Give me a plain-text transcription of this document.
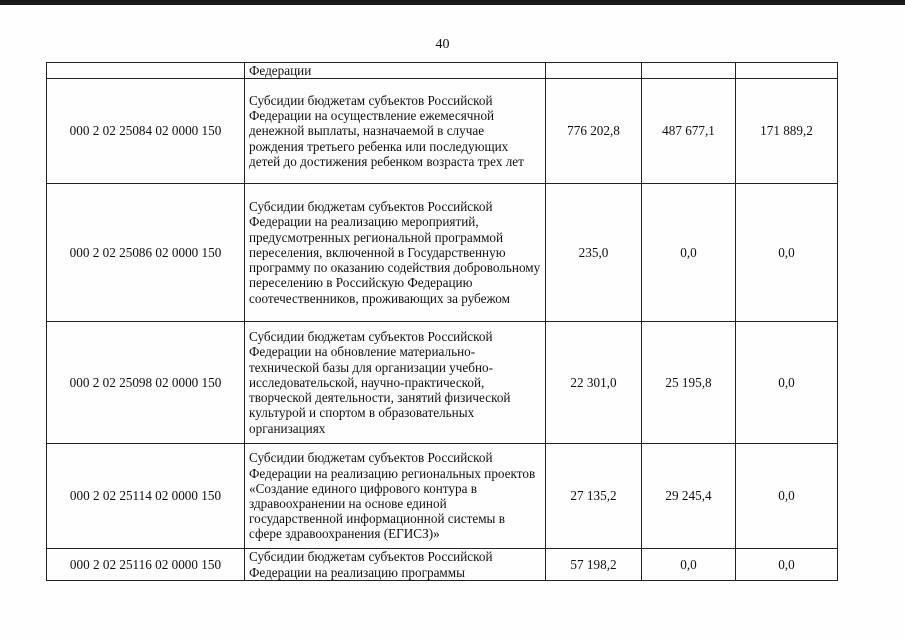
40
	Федерации			
000 2 02 25084 02 0000 150	Субсидии бюджетам субъектов Российской Федерации на осуществление ежемесячной денежной выплаты, назначаемой в случае рождения третьего ребенка или последующих детей до достижения ребенком возраста трех лет	776 202,8	487 677,1	171 889,2
000 2 02 25086 02 0000 150	Субсидии бюджетам субъектов Российской Федерации на реализацию мероприятий, предусмотренных региональной программой переселения, включенной в Государственную программу по оказанию содействия добровольному переселению в Российскую Федерацию соотечественников, проживающих за рубежом	235,0	0,0	0,0
000 2 02 25098 02 0000 150	Субсидии бюджетам субъектов Российской Федерации на обновление материально-технической базы для организации учебно-исследовательской, научно-практической, творческой деятельности, занятий физической культурой и спортом в образовательных организациях	22 301,0	25 195,8	0,0
000 2 02 25114 02 0000 150	Субсидии бюджетам субъектов Российской Федерации на реализацию региональных проектов «Создание единого цифрового контура в здравоохранении на основе единой государственной информационной системы в сфере здравоохранения (ЕГИСЗ)»	27 135,2	29 245,4	0,0
000 2 02 25116 02 0000 150	Субсидии бюджетам субъектов Российской Федерации на реализацию программы	57 198,2	0,0	0,0
